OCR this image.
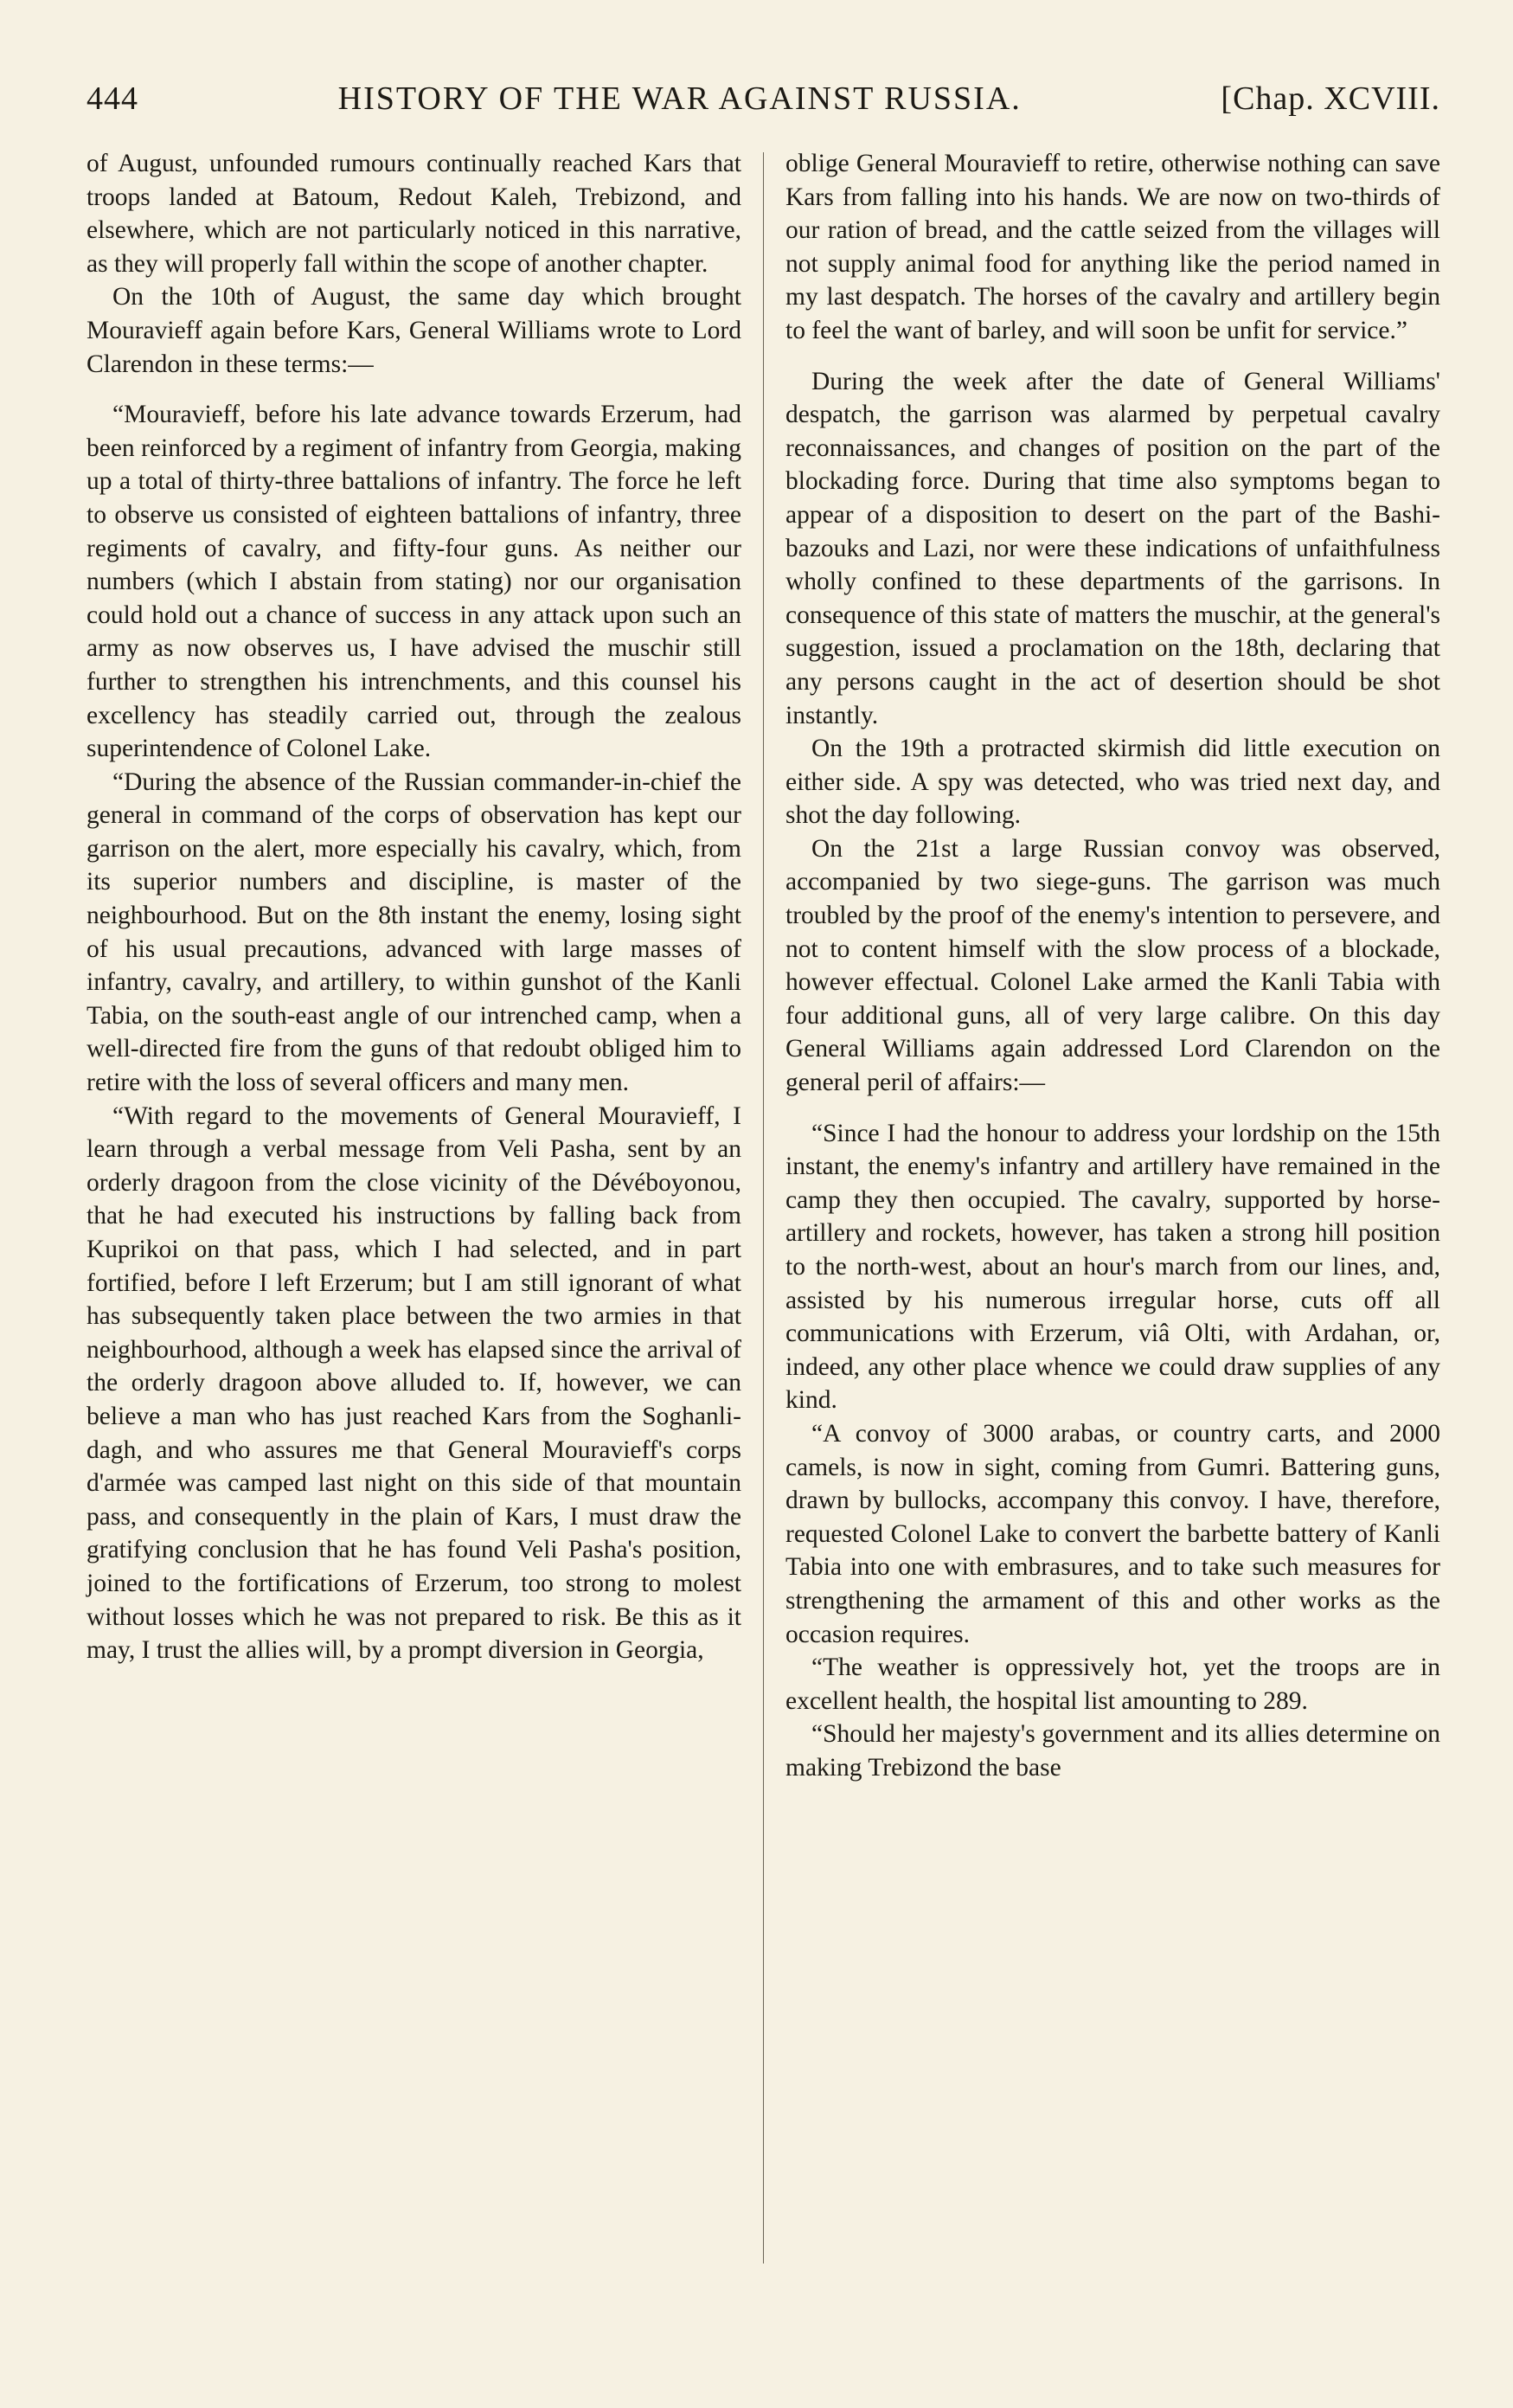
444	HISTORY OF THE WAR AGAINST RUSSIA.	[Chap. XCVIII.

of August, unfounded rumours continually reached Kars that troops landed at Batoum, Redout Kaleh, Trebizond, and elsewhere, which are not particularly noticed in this narrative, as they will properly fall within the scope of another chapter.

On the 10th of August, the same day which brought Mouravieff again before Kars, General Williams wrote to Lord Clarendon in these terms:—

“Mouravieff, before his late advance towards Erzerum, had been reinforced by a regiment of infantry from Georgia, making up a total of thirty-three battalions of infantry. The force he left to observe us consisted of eighteen battalions of infantry, three regiments of cavalry, and fifty-four guns. As neither our numbers (which I abstain from stating) nor our organisation could hold out a chance of success in any attack upon such an army as now observes us, I have advised the muschir still further to strengthen his intrenchments, and this counsel his excellency has steadily carried out, through the zealous superintendence of Colonel Lake.

“During the absence of the Russian commander-in-chief the general in command of the corps of observation has kept our garrison on the alert, more especially his cavalry, which, from its superior numbers and discipline, is master of the neighbourhood. But on the 8th instant the enemy, losing sight of his usual precautions, advanced with large masses of infantry, cavalry, and artillery, to within gunshot of the Kanli Tabia, on the south-east angle of our intrenched camp, when a well-directed fire from the guns of that redoubt obliged him to retire with the loss of several officers and many men.

“With regard to the movements of General Mouravieff, I learn through a verbal message from Veli Pasha, sent by an orderly dragoon from the close vicinity of the Dévéboyonou, that he had executed his instructions by falling back from Kuprikoi on that pass, which I had selected, and in part fortified, before I left Erzerum; but I am still ignorant of what has subsequently taken place between the two armies in that neighbourhood, although a week has elapsed since the arrival of the orderly dragoon above alluded to. If, however, we can believe a man who has just reached Kars from the Soghanli-dagh, and who assures me that General Mouravieff's corps d'armée was camped last night on this side of that mountain pass, and consequently in the plain of Kars, I must draw the gratifying conclusion that he has found Veli Pasha's position, joined to the fortifications of Erzerum, too strong to molest without losses which he was not prepared to risk. Be this as it may, I trust the allies will, by a prompt diversion in Georgia,

oblige General Mouravieff to retire, otherwise nothing can save Kars from falling into his hands. We are now on two-thirds of our ration of bread, and the cattle seized from the villages will not supply animal food for anything like the period named in my last despatch. The horses of the cavalry and artillery begin to feel the want of barley, and will soon be unfit for service.”

During the week after the date of General Williams' despatch, the garrison was alarmed by perpetual cavalry reconnaissances, and changes of position on the part of the blockading force. During that time also symptoms began to appear of a disposition to desert on the part of the Bashi-bazouks and Lazi, nor were these indications of unfaithfulness wholly confined to these departments of the garrisons. In consequence of this state of matters the muschir, at the general's suggestion, issued a proclamation on the 18th, declaring that any persons caught in the act of desertion should be shot instantly.

On the 19th a protracted skirmish did little execution on either side. A spy was detected, who was tried next day, and shot the day following.

On the 21st a large Russian convoy was observed, accompanied by two siege-guns. The garrison was much troubled by the proof of the enemy's intention to persevere, and not to content himself with the slow process of a blockade, however effectual. Colonel Lake armed the Kanli Tabia with four additional guns, all of very large calibre. On this day General Williams again addressed Lord Clarendon on the general peril of affairs:—

“Since I had the honour to address your lordship on the 15th instant, the enemy's infantry and artillery have remained in the camp they then occupied. The cavalry, supported by horse-artillery and rockets, however, has taken a strong hill position to the north-west, about an hour's march from our lines, and, assisted by his numerous irregular horse, cuts off all communications with Erzerum, viâ Olti, with Ardahan, or, indeed, any other place whence we could draw supplies of any kind.

“A convoy of 3000 arabas, or country carts, and 2000 camels, is now in sight, coming from Gumri. Battering guns, drawn by bullocks, accompany this convoy. I have, therefore, requested Colonel Lake to convert the barbette battery of Kanli Tabia into one with embrasures, and to take such measures for strengthening the armament of this and other works as the occasion requires.

“The weather is oppressively hot, yet the troops are in excellent health, the hospital list amounting to 289.

“Should her majesty's government and its allies determine on making Trebizond the base
